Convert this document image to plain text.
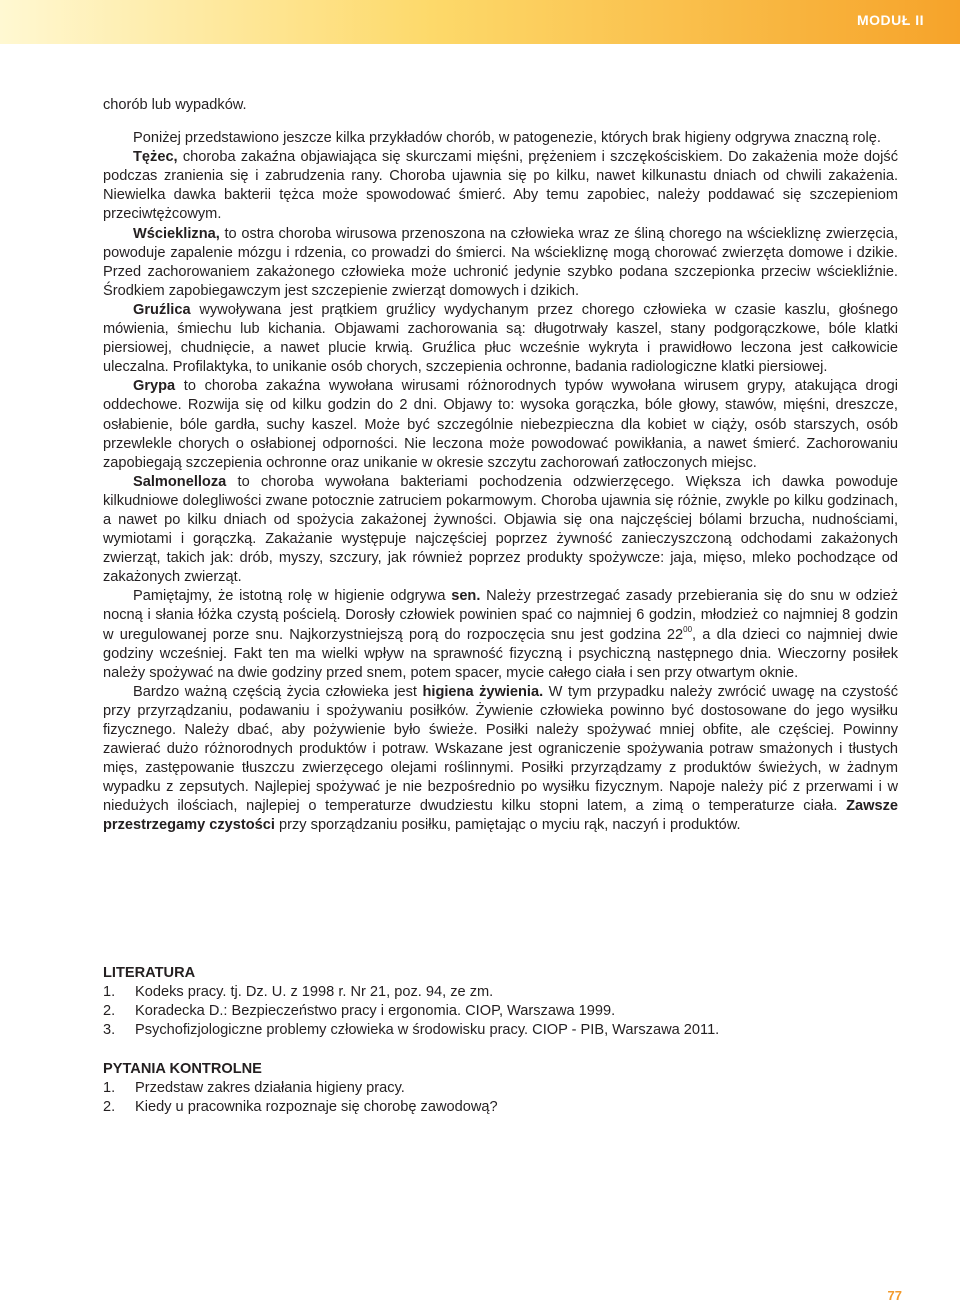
MODUŁ II

chorób lub wypadków.

Poniżej przedstawiono jeszcze kilka przykładów chorób, w patogenezie, których brak higieny odgrywa znaczną rolę.

Tężec, choroba zakaźna objawiająca się skurczami mięśni, prężeniem i szczękościskiem. Do zakażenia może dojść podczas zranienia się i zabrudzenia rany. Choroba ujawnia się po kilku, nawet kilkunastu dniach od chwili zakażenia. Niewielka dawka bakterii tężca może spowodować śmierć. Aby temu zapobiec, należy poddawać się szczepieniom przeciwtężcowym.

Wścieklizna, to ostra choroba wirusowa przenoszona na człowieka wraz ze śliną chorego na wściekliznę zwierzęcia, powoduje zapalenie mózgu i rdzenia, co prowadzi do śmierci. Na wściekliznę mogą chorować zwierzęta domowe i dzikie. Przed zachorowaniem zakażonego człowieka może uchronić jedynie szybko podana szczepionka przeciw wściekliźnie. Środkiem zapobiegawczym jest szczepienie zwierząt domowych i dzikich.

Gruźlica wywoływana jest prątkiem gruźlicy wydychanym przez chorego człowieka w czasie kaszlu, głośnego mówienia, śmiechu lub kichania. Objawami zachorowania są: długotrwały kaszel, stany podgorączkowe, bóle klatki piersiowej, chudnięcie, a nawet plucie krwią. Gruźlica płuc wcześnie wykryta i prawidłowo leczona jest całkowicie uleczalna. Profilaktyka, to unikanie osób chorych, szczepienia ochronne, badania radiologiczne klatki piersiowej.

Grypa to choroba zakaźna wywołana wirusami różnorodnych typów wywołana wirusem grypy, atakująca drogi oddechowe. Rozwija się od kilku godzin do 2 dni. Objawy to: wysoka gorączka, bóle głowy, stawów, mięśni, dreszcze, osłabienie, bóle gardła, suchy kaszel. Może być szczególnie niebezpieczna dla kobiet w ciąży, osób starszych, osób przewlekle chorych o osłabionej odporności. Nie leczona może powodować powikłania, a nawet śmierć. Zachorowaniu zapobiegają szczepienia ochronne oraz unikanie w okresie szczytu zachorowań zatłoczonych miejsc.

Salmonelloza to choroba wywołana bakteriami pochodzenia odzwierzęcego. Większa ich dawka powoduje kilkudniowe dolegliwości zwane potocznie zatruciem pokarmowym. Choroba ujawnia się różnie, zwykle po kilku godzinach, a nawet po kilku dniach od spożycia zakażonej żywności. Objawia się ona najczęściej bólami brzucha, nudnościami, wymiotami i gorączką. Zakażanie występuje najczęściej poprzez żywność zanieczyszczoną odchodami zakażonych zwierząt, takich jak: drób, myszy, szczury, jak również poprzez produkty spożywcze: jaja, mięso, mleko pochodzące od zakażonych zwierząt.

Pamiętajmy, że istotną rolę w higienie odgrywa sen. Należy przestrzegać zasady przebierania się do snu w odzież nocną i słania łóżka czystą pościelą. Dorosły człowiek powinien spać co najmniej 6 godzin, młodzież co najmniej 8 godzin w uregulowanej porze snu. Najkorzystniejszą porą do rozpoczęcia snu jest godzina $22^{00}$, a dla dzieci co najmniej dwie godziny wcześniej. Fakt ten ma wielki wpływ na sprawność fizyczną i psychiczną następnego dnia. Wieczorny posiłek należy spożywać na dwie godziny przed snem, potem spacer, mycie całego ciała i sen przy otwartym oknie.

Bardzo ważną częścią życia człowieka jest higiena żywienia. W tym przypadku należy zwrócić uwagę na czystość przy przyrządzaniu, podawaniu i spożywaniu posiłków. Żywienie człowieka powinno być dostosowane do jego wysiłku fizycznego. Należy dbać, aby pożywienie było świeże. Posiłki należy spożywać mniej obfite, ale częściej. Powinny zawierać dużo różnorodnych produktów i potraw. Wskazane jest ograniczenie spożywania potraw smażonych i tłustych mięs, zastępowanie tłuszczu zwierzęcego olejami roślinnymi. Posiłki przyrządzamy z produktów świeżych, w żadnym wypadku z zepsutych. Najlepiej spożywać je nie bezpośrednio po wysiłku fizycznym. Napoje należy pić z przerwami i w niedużych ilościach, najlepiej o temperaturze dwudziestu kilku stopni latem, a zimą o temperaturze ciała. Zawsze przestrzegamy czystości przy sporządzaniu posiłku, pamiętając o myciu rąk, naczyń i produktów.

LITERATURA

1. Kodeks pracy. tj. Dz. U. z 1998 r. Nr 21, poz. 94, ze zm.
2. Koradecka D.: Bezpieczeństwo pracy i ergonomia. CIOP, Warszawa 1999.
3. Psychofizjologiczne problemy człowieka w środowisku pracy. CIOP - PIB, Warszawa 2011.

PYTANIA KONTROLNE

1. Przedstaw zakres działania higieny pracy.
2. Kiedy u pracownika rozpoznaje się chorobę zawodową?
77
